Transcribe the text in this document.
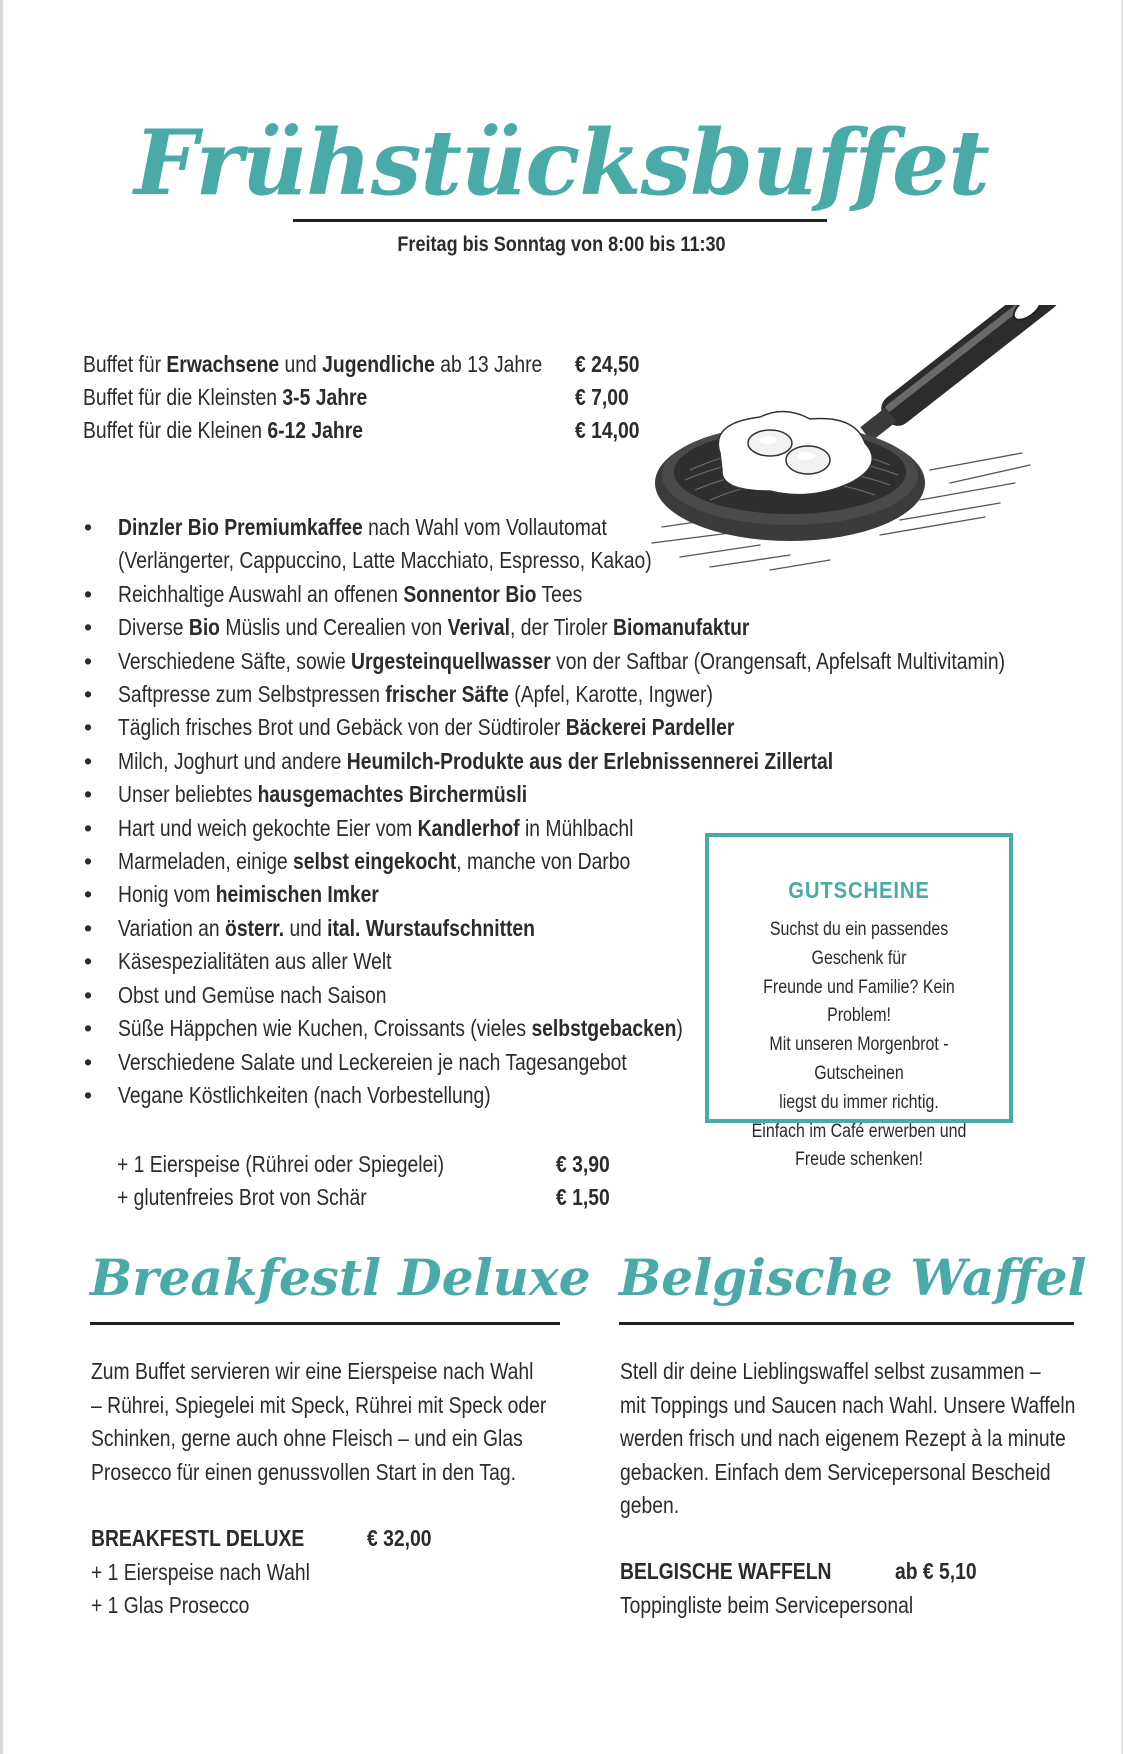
Frühstücksbuffet
Freitag bis Sonntag von 8:00 bis 11:30
Buffet für Erwachsene und Jugendliche ab 13 Jahre € 24,50
Buffet für die Kleinsten 3-5 Jahre	€ 7,00
Buffet für die Kleinen 6-12 Jahre	€ 14,00
• Dinzler Bio Premiumkaffee nach Wahl vom Vollautomat
(Verlängerter, Cappuccino, Latte Macchiato, Espresso, Kakao)
• Reichhaltige Auswahl an offenen Sonnentor Bio Tees
• Diverse Bio Müslis und Cerealien von Verival, der Tiroler Biomanufaktur
• Verschiedene Säfte, sowie Urgesteinquellwasser von der Saftbar (Orangensaft, Apfelsaft Multivitamin)
• Saftpresse zum Selbstpressen frischer Säfte (Apfel, Karotte, Ingwer)
• Täglich frisches Brot und Gebäck von der Südtiroler Bäckerei Pardeller
• Milch, Joghurt und andere Heumilch-Produkte aus der Erlebnissennerei Zillertal
• Unser beliebtes hausgemachtes Birchermüsli
• Hart und weich gekochte Eier vom Kandlerhof in Mühlbachl
• Marmeladen, einige selbst eingekocht, manche von Darbo
• Honig vom heimischen Imker
• Variation an österr. und ital. Wurstaufschnitten
• Käsespezialitäten aus aller Welt
• Obst und Gemüse nach Saison
• Süße Häppchen wie Kuchen, Croissants (vieles selbstgebacken)
• Verschiedene Salate und Leckereien je nach Tagesangebot
• Vegane Köstlichkeiten (nach Vorbestellung)
+ 1 Eierspeise (Rührei oder Spiegelei)	€ 3,90
+ glutenfreies Brot von Schär	€ 1,50
GUTSCHEINE
Suchst du ein passendes Geschenk für
Freunde und Familie? Kein Problem!
Mit unseren Morgenbrot -Gutscheinen
liegst du immer richtig.
Einfach im Café erwerben und
Freude schenken!
Breakfestl Deluxe
Zum Buffet servieren wir eine Eierspeise nach Wahl
– Rührei, Spiegelei mit Speck, Rührei mit Speck oder
Schinken, gerne auch ohne Fleisch – und ein Glas
Prosecco für einen genussvollen Start in den Tag.
BREAKFESTL DELUXE	€ 32,00
+ 1 Eierspeise nach Wahl
+ 1 Glas Prosecco
Belgische Waffel
Stell dir deine Lieblingswaffel selbst zusammen –
mit Toppings und Saucen nach Wahl. Unsere Waffeln
werden frisch und nach eigenem Rezept à la minute
gebacken. Einfach dem Servicepersonal Bescheid
geben.
BELGISCHE WAFFELN	ab € 5,10
Toppingliste beim Servicepersonal
